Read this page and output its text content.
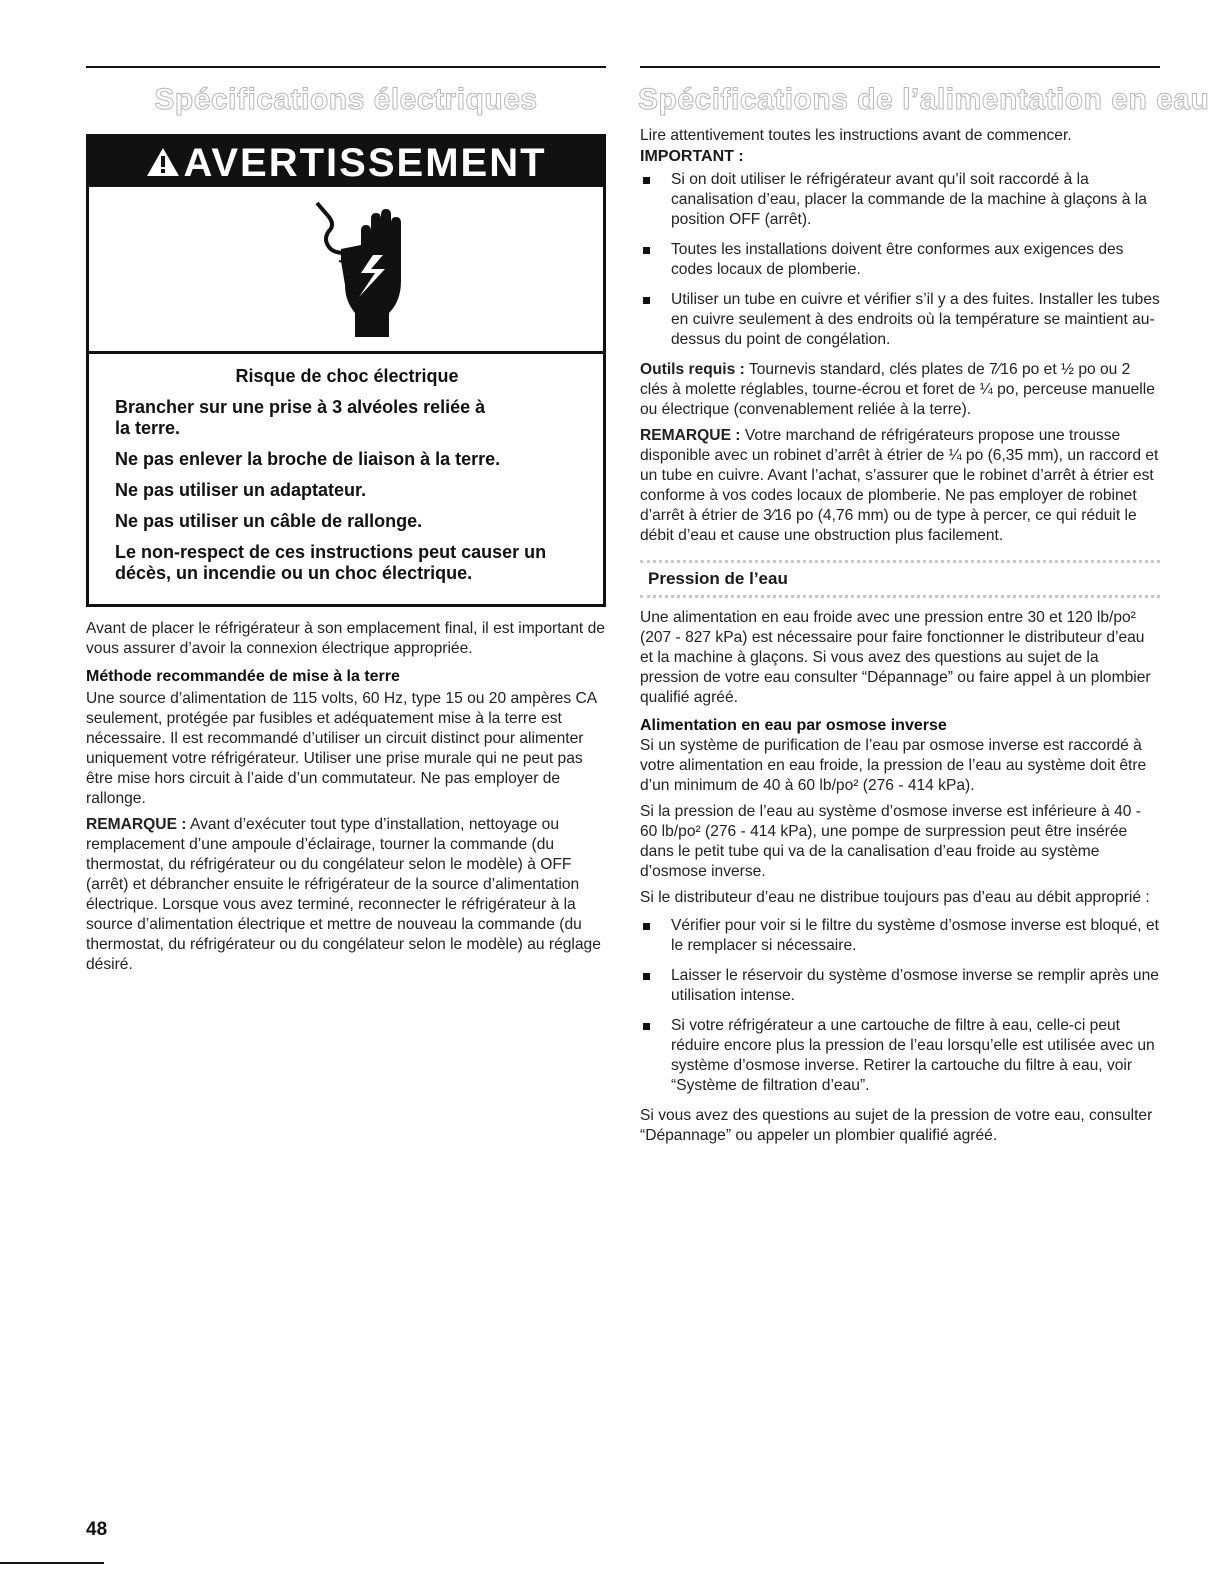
Spécifications électriques
AVERTISSEMENT

Risque de choc électrique

Brancher sur une prise à 3 alvéoles reliée à la terre.

Ne pas enlever la broche de liaison à la terre.

Ne pas utiliser un adaptateur.

Ne pas utiliser un câble de rallonge.

Le non-respect de ces instructions peut causer un décès, un incendie ou un choc électrique.

Avant de placer le réfrigérateur à son emplacement final, il est important de vous assurer d’avoir la connexion électrique appropriée.

Méthode recommandée de mise à la terre

Une source d’alimentation de 115 volts, 60 Hz, type 15 ou 20 ampères CA seulement, protégée par fusibles et adéquatement mise à la terre est nécessaire. Il est recommandé d’utiliser un circuit distinct pour alimenter uniquement votre réfrigérateur. Utiliser une prise murale qui ne peut pas être mise hors circuit à l’aide d’un commutateur. Ne pas employer de rallonge.

REMARQUE : Avant d’exécuter tout type d’installation, nettoyage ou remplacement d’une ampoule d’éclairage, tourner la commande (du thermostat, du réfrigérateur ou du congélateur selon le modèle) à OFF (arrêt) et débrancher ensuite le réfrigérateur de la source d’alimentation électrique. Lorsque vous avez terminé, reconnecter le réfrigérateur à la source d’alimentation électrique et mettre de nouveau la commande (du thermostat, du réfrigérateur ou du congélateur selon le modèle) au réglage désiré.

Spécifications de l’alimentation en eau

Lire attentivement toutes les instructions avant de commencer.

IMPORTANT :
Si on doit utiliser le réfrigérateur avant qu’il soit raccordé à la canalisation d’eau, placer la commande de la machine à glaçons à la position OFF (arrêt).
Toutes les installations doivent être conformes aux exigences des codes locaux de plomberie.
Utiliser un tube en cuivre et vérifier s’il y a des fuites. Installer les tubes en cuivre seulement à des endroits où la température se maintient au-dessus du point de congélation.

Outils requis : Tournevis standard, clés plates de 7⁄16 po et ½ po ou 2 clés à molette réglables, tourne-écrou et foret de ¼ po, perceuse manuelle ou électrique (convenablement reliée à la terre).

REMARQUE : Votre marchand de réfrigérateurs propose une trousse disponible avec un robinet d’arrêt à étrier de ¼ po (6,35 mm), un raccord et un tube en cuivre. Avant l’achat, s’assurer que le robinet d’arrêt à étrier est conforme à vos codes locaux de plomberie. Ne pas employer de robinet d’arrêt à étrier de 3⁄16 po (4,76 mm) ou de type à percer, ce qui réduit le débit d’eau et cause une obstruction plus facilement.

Pression de l’eau

Une alimentation en eau froide avec une pression entre 30 et 120 lb/po² (207 - 827 kPa) est nécessaire pour faire fonctionner le distributeur d’eau et la machine à glaçons. Si vous avez des questions au sujet de la pression de votre eau consulter “Dépannage” ou faire appel à un plombier qualifié agréé.

Alimentation en eau par osmose inverse

Si un système de purification de l’eau par osmose inverse est raccordé à votre alimentation en eau froide, la pression de l’eau au système doit être d’un minimum de 40 à 60 lb/po² (276 - 414 kPa).

Si la pression de l’eau au système d’osmose inverse est inférieure à 40 - 60 lb/po² (276 - 414 kPa), une pompe de surpression peut être insérée dans le petit tube qui va de la canalisation d’eau froide au système d’osmose inverse.

Si le distributeur d’eau ne distribue toujours pas d’eau au débit approprié :

Vérifier pour voir si le filtre du système d’osmose inverse est bloqué, et le remplacer si nécessaire.
Laisser le réservoir du système d’osmose inverse se remplir après une utilisation intense.
Si votre réfrigérateur a une cartouche de filtre à eau, celle-ci peut réduire encore plus la pression de l’eau lorsqu’elle est utilisée avec un système d’osmose inverse. Retirer la cartouche du filtre à eau, voir “Système de filtration d’eau”.

Si vous avez des questions au sujet de la pression de votre eau, consulter “Dépannage” ou appeler un plombier qualifié agréé.

48
